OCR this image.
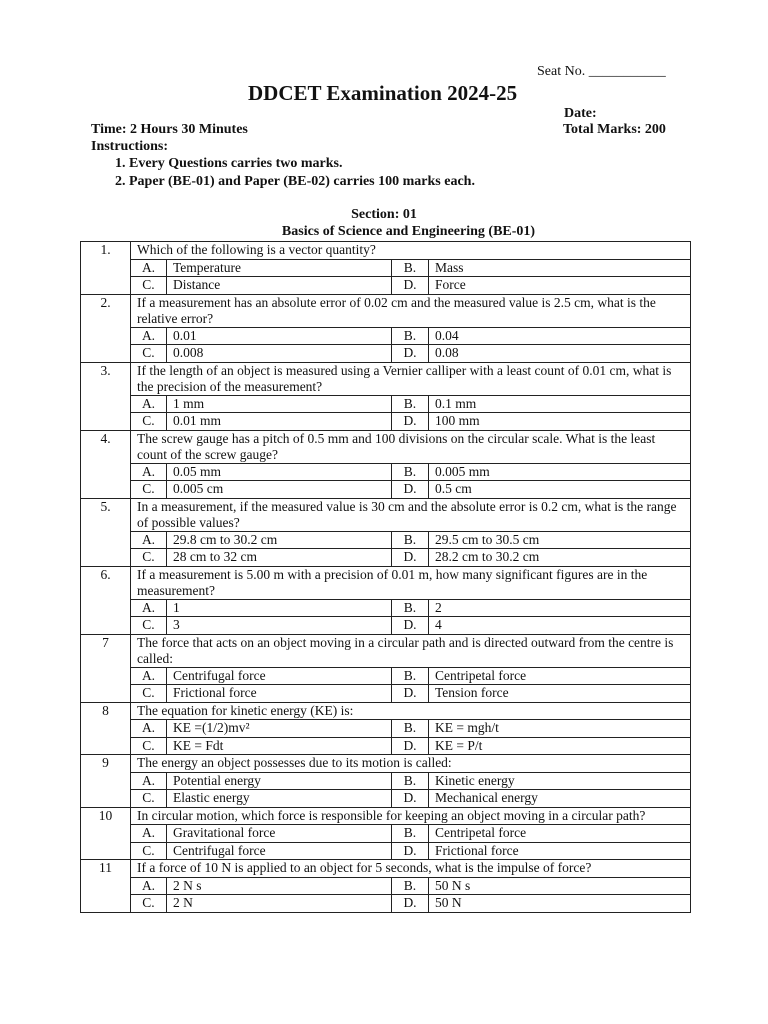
Seat No. ___________
DDCET Examination 2024-25
Date:
Time: 2 Hours 30 Minutes	Total Marks: 200
Instructions:
1. Every Questions carries two marks.
2. Paper (BE-01) and Paper (BE-02) carries 100 marks each.
Section: 01
Basics of Science and Engineering (BE-01)
1.	Which of the following is a vector quantity?			
	A.	Temperature	B.	Mass
	C.	Distance	D.	Force
2.	If a measurement has an absolute error of 0.02 cm and the measured value is 2.5 cm, what is the relative error?			
	A.	0.01	B.	0.04
	C.	0.008	D.	0.08
3.	If the length of an object is measured using a Vernier calliper with a least count of 0.01 cm, what is the precision of the measurement?			
	A.	1 mm	B.	0.1 mm
	C.	0.01 mm	D.	100 mm
4.	The screw gauge has a pitch of 0.5 mm and 100 divisions on the circular scale. What is the least count of the screw gauge?			
	A.	0.05 mm	B.	0.005 mm
	C.	0.005 cm	D.	0.5 cm
5.	In a measurement, if the measured value is 30 cm and the absolute error is 0.2 cm, what is the range of possible values?			
	A.	29.8 cm to 30.2 cm	B.	29.5 cm to 30.5 cm
	C.	28 cm to 32 cm	D.	28.2 cm to 30.2 cm
6.	If a measurement is 5.00 m with a precision of 0.01 m, how many significant figures are in the measurement?			
	A.	1	B.	2
	C.	3	D.	4
7	The force that acts on an object moving in a circular path and is directed outward from the centre is called:			
	A.	Centrifugal force	B.	Centripetal force
	C.	Frictional force	D.	Tension force
8	The equation for kinetic energy (KE) is:			
	A.	KE =(1/2)mv²	B.	KE = mgh/t
	C.	KE = Fdt	D.	KE = P/t
9	The energy an object possesses due to its motion is called:			
	A.	Potential energy	B.	Kinetic energy
	C.	Elastic energy	D.	Mechanical energy
10	In circular motion, which force is responsible for keeping an object moving in a circular path?			
	A.	Gravitational force	B.	Centripetal force
	C.	Centrifugal force	D.	Frictional force
11	If a force of 10 N is applied to an object for 5 seconds, what is the impulse of force?			
	A.	2 N s	B.	50 N s
	C.	2 N	D.	50 N
